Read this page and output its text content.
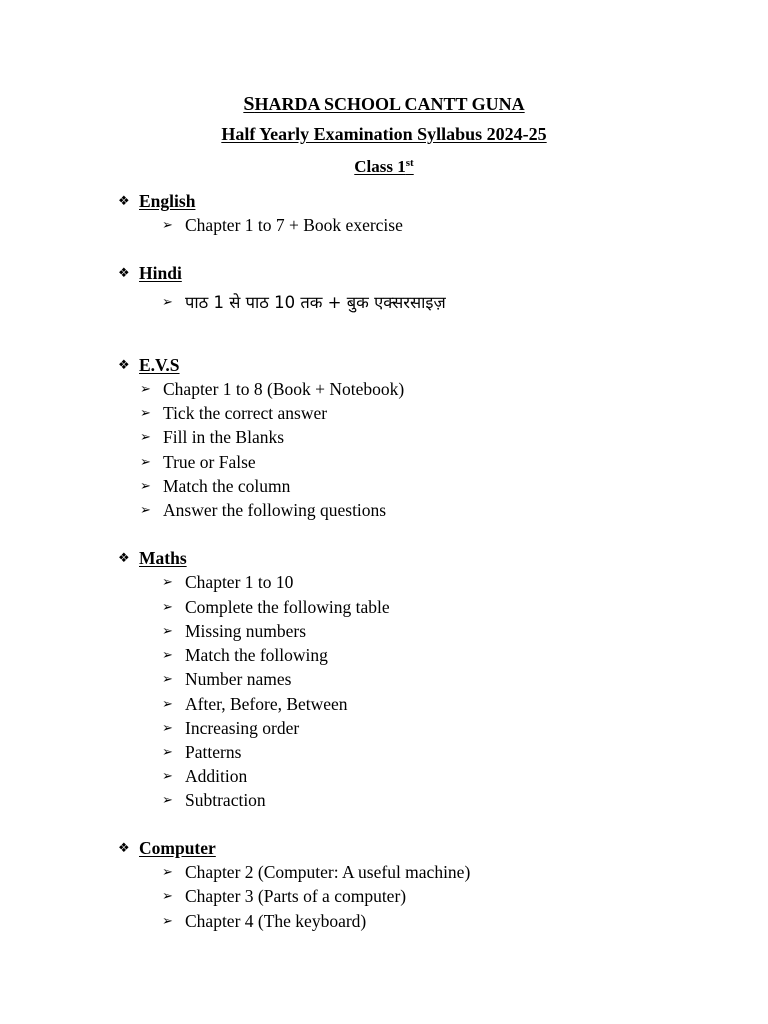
SHARDA SCHOOL CANTT GUNA
Half Yearly Examination Syllabus 2024-25
Class 1st
❖ English
➢ Chapter 1 to 7 + Book exercise
❖ Hindi
➢ पाठ 1 से पाठ 10 तक + बुक एक्सरसाइज़
❖ E.V.S
➢ Chapter 1 to 8 (Book + Notebook)
➢ Tick the correct answer
➢ Fill in the Blanks
➢ True or False
➢ Match the column
➢ Answer the following questions
❖ Maths
➢ Chapter 1 to 10
➢ Complete the following table
➢ Missing numbers
➢ Match the following
➢ Number names
➢ After, Before, Between
➢ Increasing order
➢ Patterns
➢ Addition
➢ Subtraction
❖ Computer
➢ Chapter 2 (Computer: A useful machine)
➢ Chapter 3 (Parts of a computer)
➢ Chapter 4 (The keyboard)
